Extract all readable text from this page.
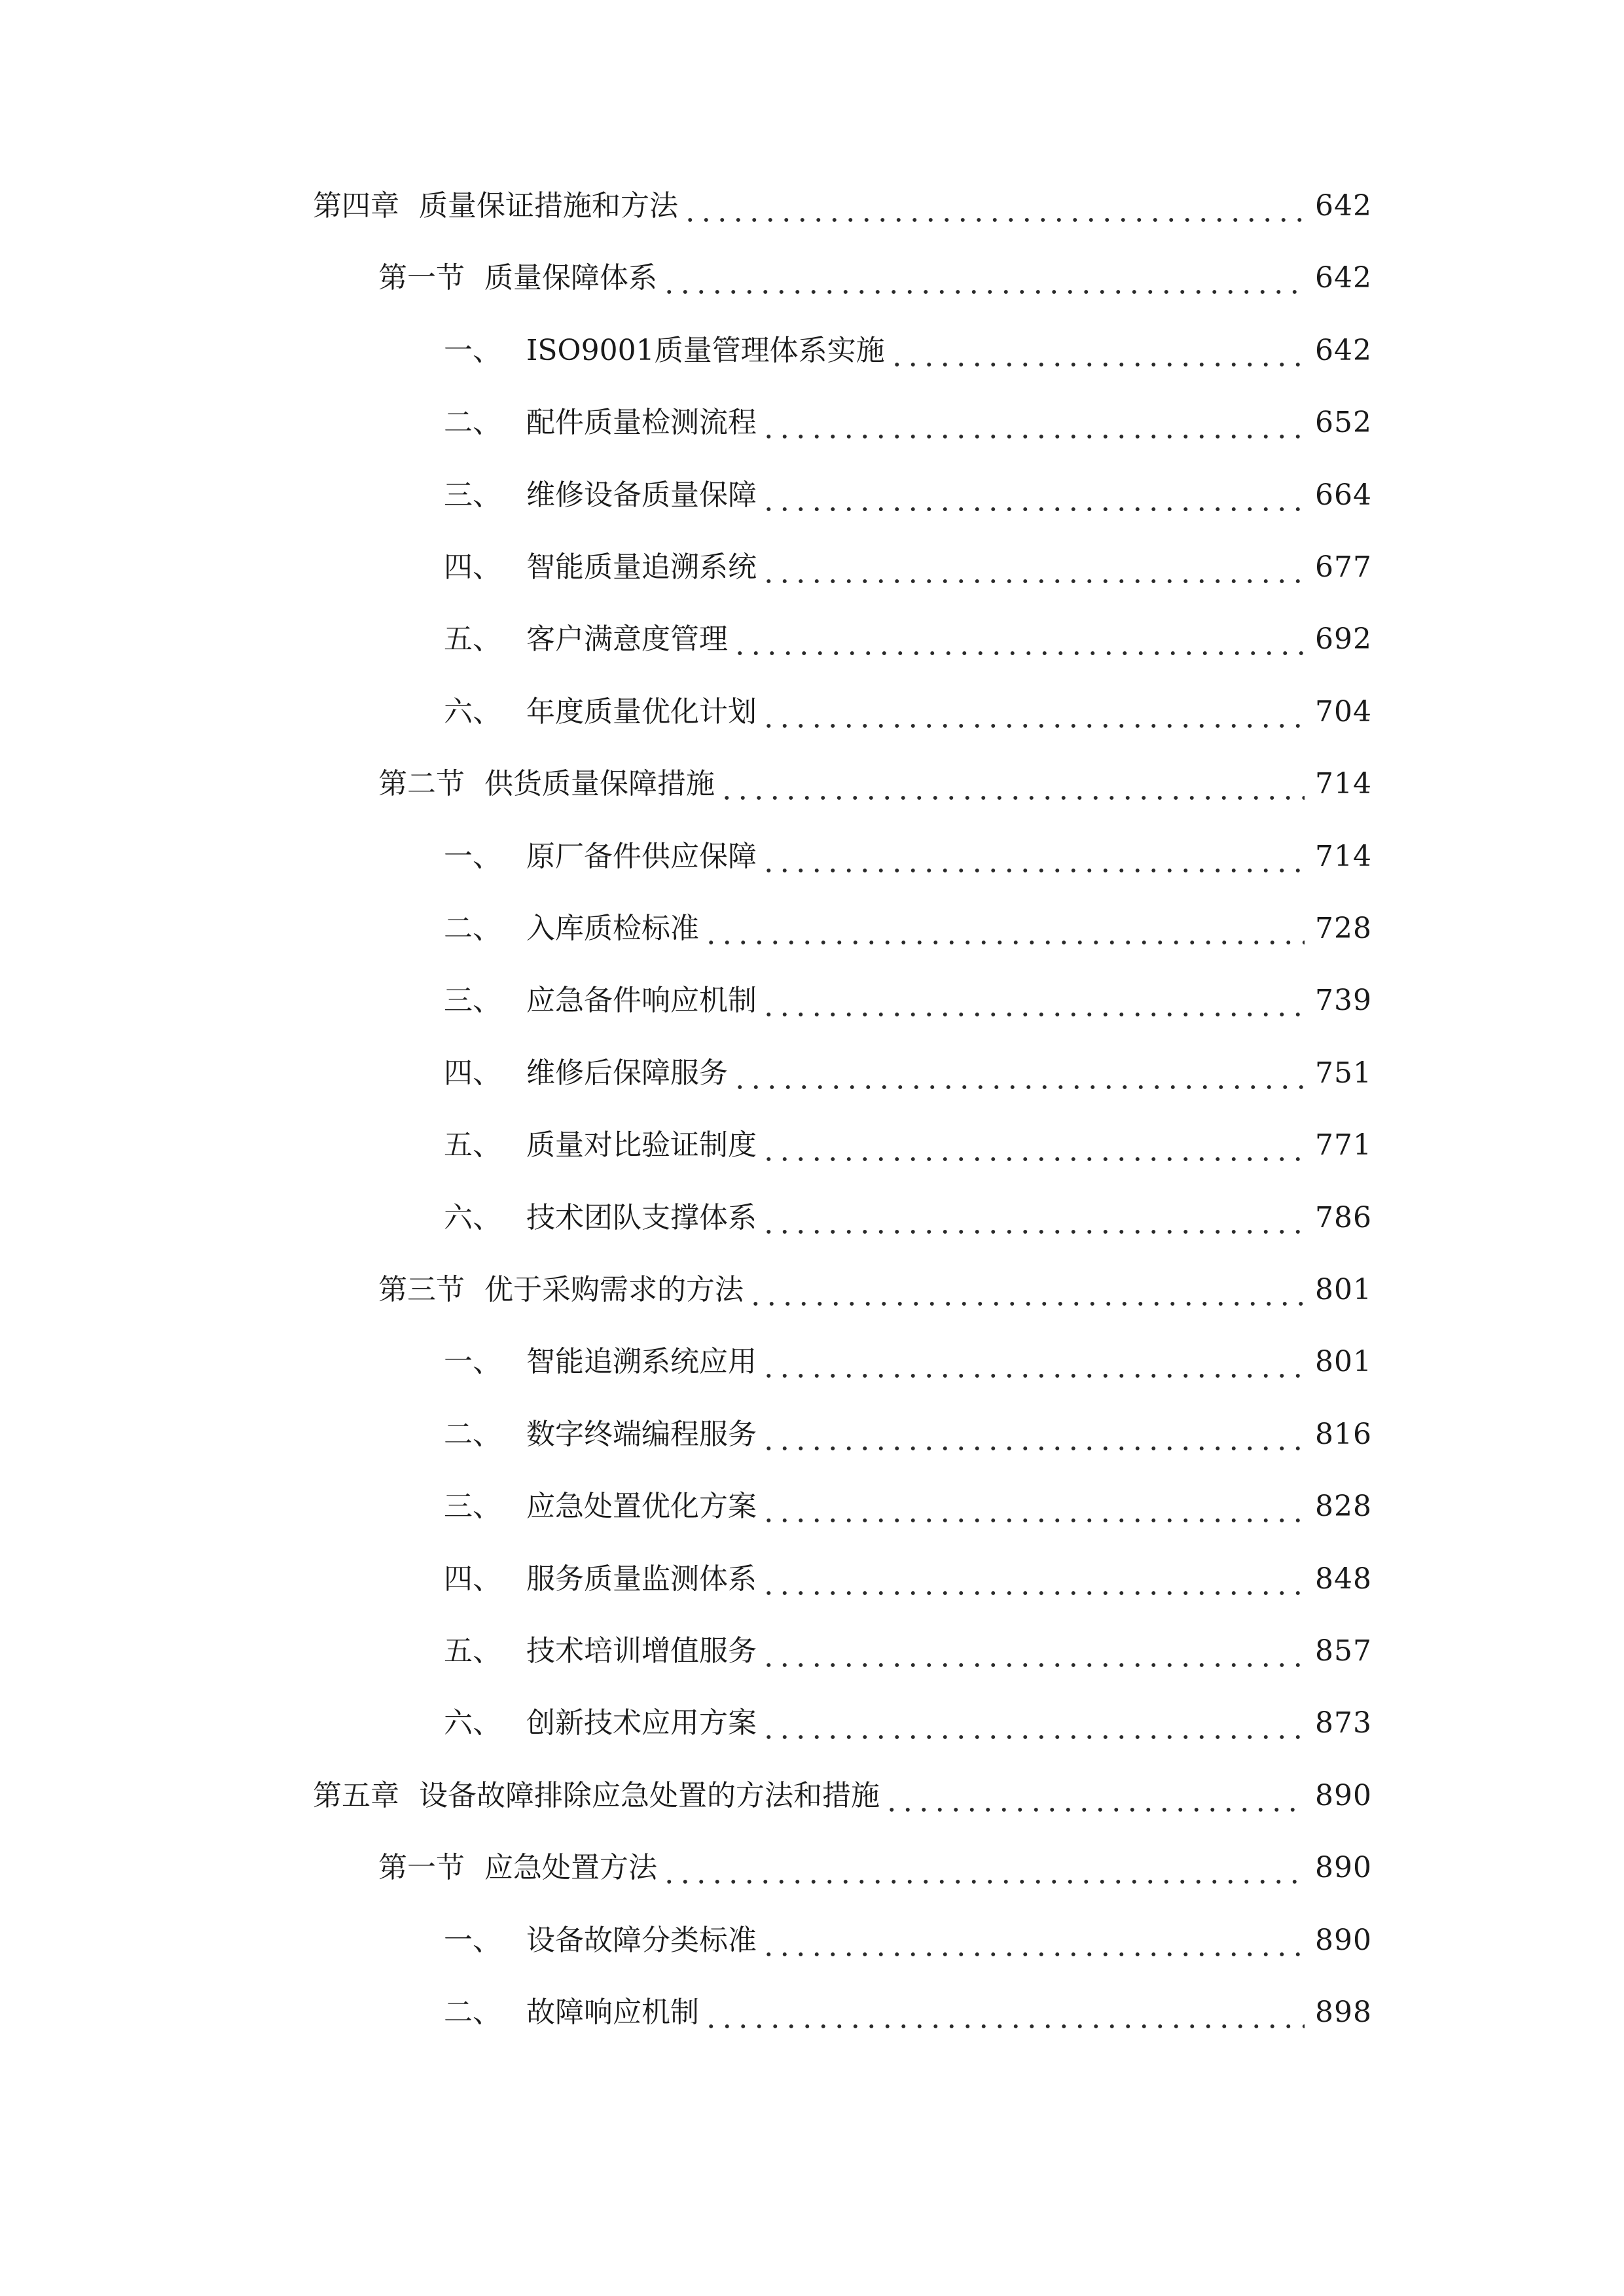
第四章 质量保证措施和方法	642
第一节 质量保障体系	642
一、 ISO9001质量管理体系实施	642
二、 配件质量检测流程	652
三、 维修设备质量保障	664
四、 智能质量追溯系统	677
五、 客户满意度管理	692
六、 年度质量优化计划	704
第二节 供货质量保障措施	714
一、 原厂备件供应保障	714
二、 入库质检标准	728
三、 应急备件响应机制	739
四、 维修后保障服务	751
五、 质量对比验证制度	771
六、 技术团队支撑体系	786
第三节 优于采购需求的方法	801
一、 智能追溯系统应用	801
二、 数字终端编程服务	816
三、 应急处置优化方案	828
四、 服务质量监测体系	848
五、 技术培训增值服务	857
六、 创新技术应用方案	873
第五章 设备故障排除应急处置的方法和措施	890
第一节 应急处置方法	890
一、 设备故障分类标准	890
二、 故障响应机制	898
